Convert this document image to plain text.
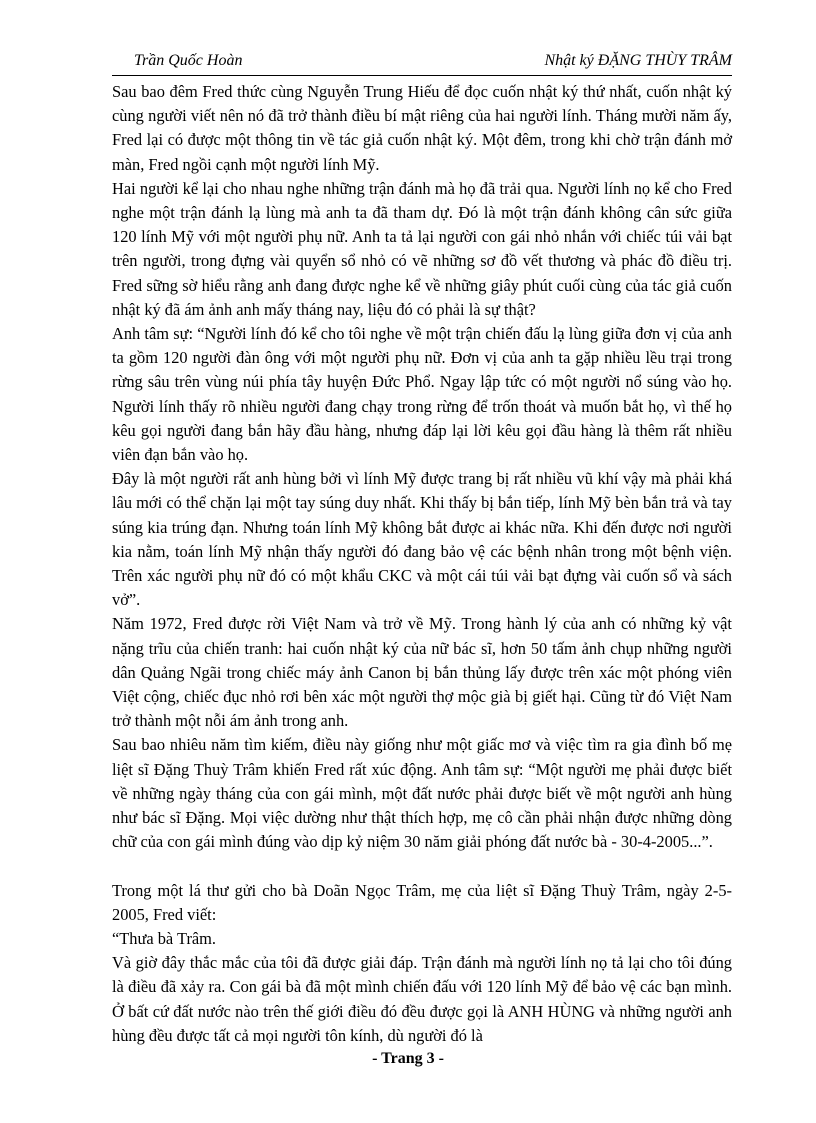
Trần Quốc Hoàn	Nhật ký ĐẶNG THÙY TRÂM

Sau bao đêm Fred thức cùng Nguyễn Trung Hiếu để đọc cuốn nhật ký thứ nhất, cuốn nhật ký cùng người viết nên nó đã trở thành điều bí mật riêng của hai người lính. Tháng mười năm ấy, Fred lại có được một thông tin về tác giả cuốn nhật ký. Một đêm, trong khi chờ trận đánh mở màn, Fred ngồi cạnh một người lính Mỹ.

Hai người kể lại cho nhau nghe những trận đánh mà họ đã trải qua. Người lính nọ kể cho Fred nghe một trận đánh lạ lùng mà anh ta đã tham dự. Đó là một trận đánh không cân sức giữa 120 lính Mỹ với một người phụ nữ. Anh ta tả lại người con gái nhỏ nhắn với chiếc túi vải bạt trên người, trong đựng vài quyển sổ nhỏ có vẽ những sơ đồ vết thương và phác đồ điều trị. Fred sững sờ hiểu rằng anh đang được nghe kể về những giây phút cuối cùng của tác giả cuốn nhật ký đã ám ảnh anh mấy tháng nay, liệu đó có phải là sự thật?

Anh tâm sự: “Người lính đó kể cho tôi nghe về một trận chiến đấu lạ lùng giữa đơn vị của anh ta gồm 120 người đàn ông với một người phụ nữ. Đơn vị của anh ta gặp nhiều lều trại trong rừng sâu trên vùng núi phía tây huyện Đức Phổ. Ngay lập tức có một người nổ súng vào họ. Người lính thấy rõ nhiều người đang chạy trong rừng để trốn thoát và muốn bắt họ, vì thế họ kêu gọi người đang bắn hãy đầu hàng, nhưng đáp lại lời kêu gọi đầu hàng là thêm rất nhiều viên đạn bắn vào họ.

Đây là một người rất anh hùng bởi vì lính Mỹ được trang bị rất nhiều vũ khí vậy mà phải khá lâu mới có thể chặn lại một tay súng duy nhất. Khi thấy bị bắn tiếp, lính Mỹ bèn bắn trả và tay súng kia trúng đạn. Nhưng toán lính Mỹ không bắt được ai khác nữa. Khi đến được nơi người kia nằm, toán lính Mỹ nhận thấy người đó đang bảo vệ các bệnh nhân trong một bệnh viện. Trên xác người phụ nữ đó có một khẩu CKC và một cái túi vải bạt đựng vài cuốn sổ và sách vở”.

Năm 1972, Fred được rời Việt Nam và trở về Mỹ. Trong hành lý của anh có những kỷ vật nặng trĩu của chiến tranh: hai cuốn nhật ký của nữ bác sĩ, hơn 50 tấm ảnh chụp những người dân Quảng Ngãi trong chiếc máy ảnh Canon bị bắn thủng lấy được trên xác một phóng viên Việt cộng, chiếc đục nhỏ rơi bên xác một người thợ mộc già bị giết hại. Cũng từ đó Việt Nam trở thành một nỗi ám ảnh trong anh.

Sau bao nhiêu năm tìm kiếm, điều này giống như một giấc mơ và việc tìm ra gia đình bố mẹ liệt sĩ Đặng Thuỳ Trâm khiến Fred rất xúc động. Anh tâm sự: “Một người mẹ phải được biết về những ngày tháng của con gái mình, một đất nước phải được biết về một người anh hùng như bác sĩ Đặng. Mọi việc dường như thật thích hợp, mẹ cô cần phải nhận được những dòng chữ của con gái mình đúng vào dịp kỷ niệm 30 năm giải phóng đất nước bà - 30-4-2005...”.

Trong một lá thư gửi cho bà Doãn Ngọc Trâm, mẹ của liệt sĩ Đặng Thuỳ Trâm, ngày 2-5-2005, Fred viết:

“Thưa bà Trâm.

Và giờ đây thắc mắc của tôi đã được giải đáp. Trận đánh mà người lính nọ tả lại cho tôi đúng là điều đã xảy ra. Con gái bà đã một mình chiến đấu với 120 lính Mỹ để bảo vệ các bạn mình. Ở bất cứ đất nước nào trên thế giới điều đó đều được gọi là ANH HÙNG và những người anh hùng đều được tất cả mọi người tôn kính, dù người đó là

- Trang 3 -
